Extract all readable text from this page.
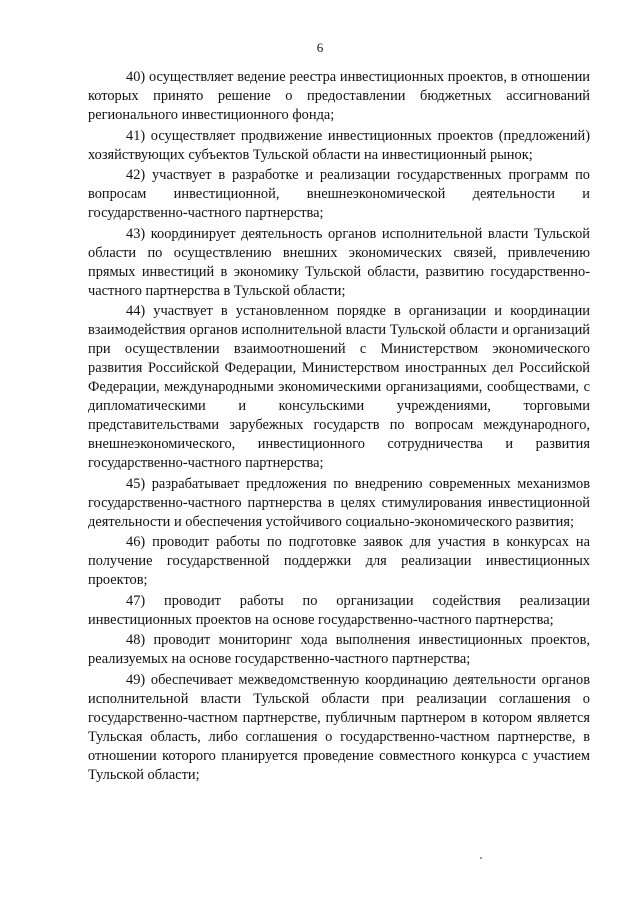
6

40) осуществляет ведение реестра инвестиционных проектов, в отношении которых принято решение о предоставлении бюджетных ассигнований регионального инвестиционного фонда;

41) осуществляет продвижение инвестиционных проектов (предложений) хозяйствующих субъектов Тульской области на инвестиционный рынок;

42) участвует в разработке и реализации государственных программ по вопросам инвестиционной, внешнеэкономической деятельности и государственно-частного партнерства;

43) координирует деятельность органов исполнительной власти Тульской области по осуществлению внешних экономических связей, привлечению прямых инвестиций в экономику Тульской области, развитию государственно-частного партнерства в Тульской области;

44) участвует в установленном порядке в организации и координации взаимодействия органов исполнительной власти Тульской области и организаций при осуществлении взаимоотношений с Министерством экономического развития Российской Федерации, Министерством иностранных дел Российской Федерации, международными экономическими организациями, сообществами, с дипломатическими и консульскими учреждениями, торговыми представительствами зарубежных государств по вопросам международного, внешнеэкономического, инвестиционного сотрудничества и развития государственно-частного партнерства;

45) разрабатывает предложения по внедрению современных механизмов государственно-частного партнерства в целях стимулирования инвестиционной деятельности и обеспечения устойчивого социально-экономического развития;

46) проводит работы по подготовке заявок для участия в конкурсах на получение государственной поддержки для реализации инвестиционных проектов;

47) проводит работы по организации содействия реализации инвестиционных проектов на основе государственно-частного партнерства;

48) проводит мониторинг хода выполнения инвестиционных проектов, реализуемых на основе государственно-частного партнерства;

49) обеспечивает межведомственную координацию деятельности органов исполнительной власти Тульской области при реализации соглашения о государственно-частном партнерстве, публичным партнером в котором является Тульская область, либо соглашения о государственно-частном партнерстве, в отношении которого планируется проведение совместного конкурса с участием Тульской области;
